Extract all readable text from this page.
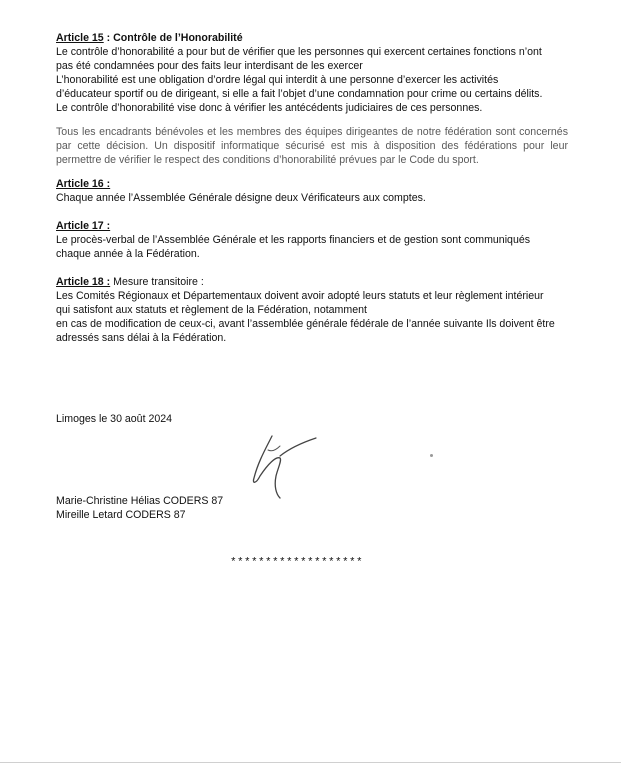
Article 15 : Contrôle de l’Honorabilité

Le contrôle d’honorabilité a pour but de vérifier que les personnes qui exercent certaines fonctions n’ont

pas été condamnées pour des faits leur interdisant de les exercer

L’honorabilité est une obligation d’ordre légal qui interdit à une personne d’exercer les activités

d’éducateur sportif ou de dirigeant, si elle a fait l’objet d’une condamnation pour crime ou certains délits.

Le contrôle d’honorabilité vise donc à vérifier les antécédents judiciaires de ces personnes.

Tous les encadrants bénévoles et les membres des équipes dirigeantes de notre fédération sont concernés par cette décision. Un dispositif informatique sécurisé est mis à disposition des fédérations pour leur permettre de vérifier le respect des conditions d’honorabilité prévues par le Code du sport.

Article 16 :

Chaque année l’Assemblée Générale désigne deux Vérificateurs aux comptes.

Article 17 :

Le procès-verbal de l’Assemblée Générale et les rapports financiers et de gestion sont communiqués

chaque année à la Fédération.

Article 18 : Mesure transitoire :

Les Comités Régionaux et Départementaux doivent avoir adopté leurs statuts et leur règlement intérieur

qui satisfont aux statuts et règlement de la Fédération, notamment

en cas de modification de ceux-ci, avant l’assemblée générale fédérale de l’année suivante Ils doivent être

adressés sans délai à la Fédération.

Limoges le 30 août 2024

Marie-Christine Hélias CODERS 87

Mireille Letard CODERS 87

*******************
